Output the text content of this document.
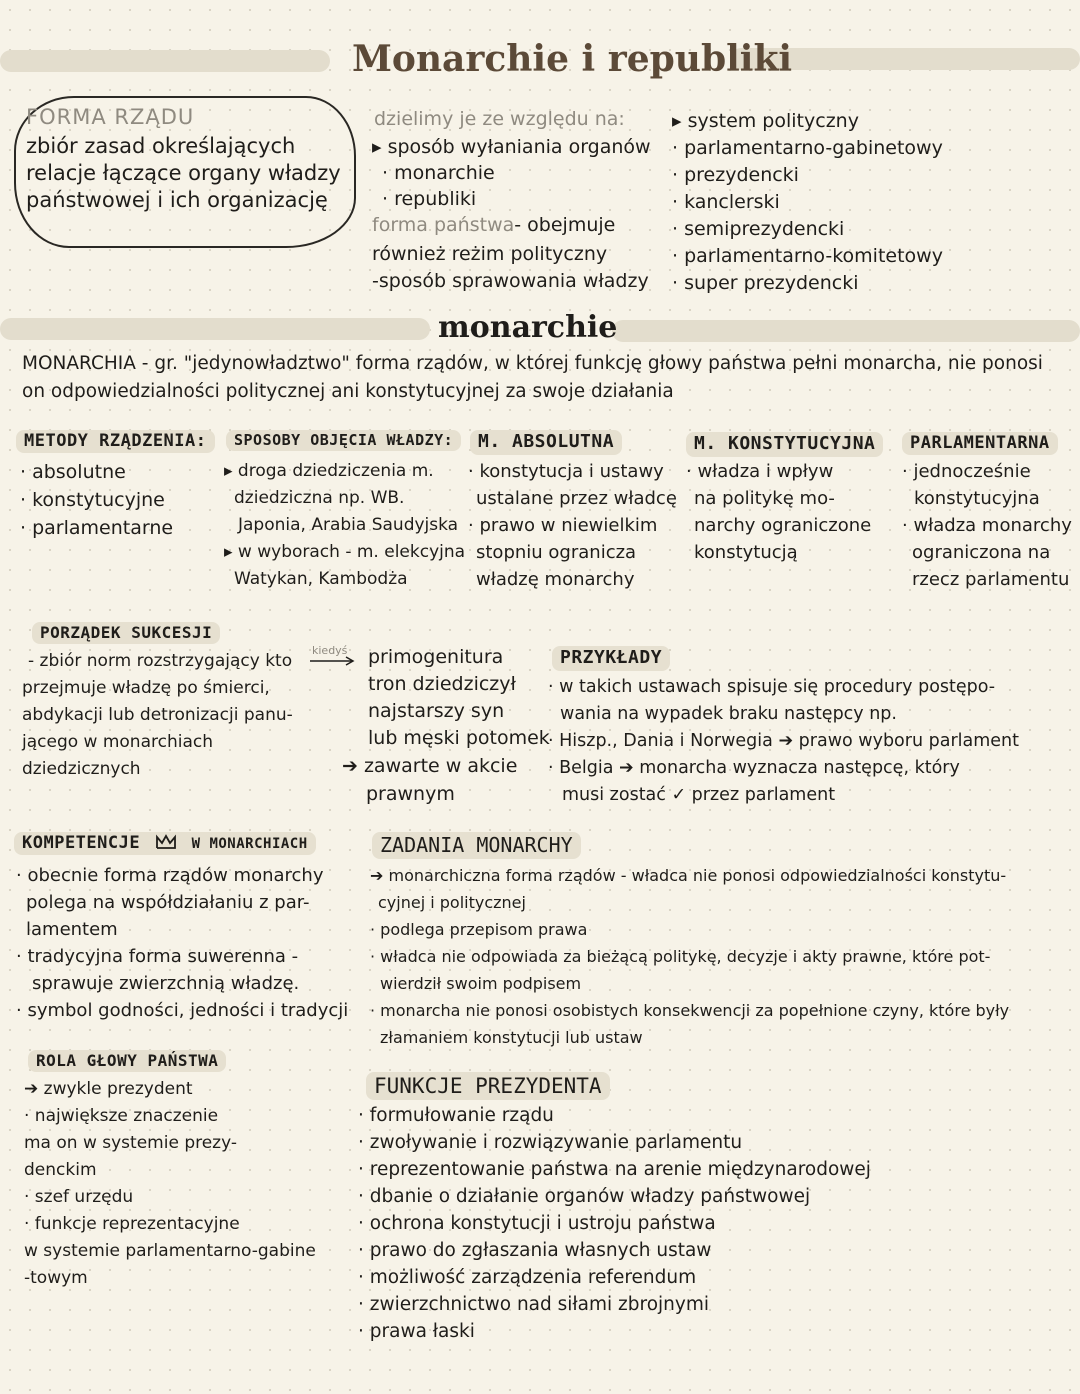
Monarchie i republiki
FORMA RZĄDU
zbiór zasad określających
relacje łączące organy władzy
państwowej i ich organizację
dzielimy je ze względu na:
▸ sposób wyłaniania organów
· monarchie
· republiki
forma państwa- obejmuje
również reżim polityczny
-sposób sprawowania władzy
▸ system polityczny
· parlamentarno-gabinetowy
· prezydencki
· kanclerski
· semiprezydencki
· parlamentarno-komitetowy
· super prezydencki
monarchie
MONARCHIA - gr. "jedynowładztwo" forma rządów, w której funkcję głowy państwa pełni monarcha, nie ponosi
on odpowiedzialności politycznej ani konstytucyjnej za swoje działania
METODY RZĄDZENIA:
· absolutne
· konstytucyjne
· parlamentarne
SPOSOBY OBJĘCIA WŁADZY:
▸ droga dziedziczenia m.
dziedziczna np. WB.
Japonia, Arabia Saudyjska
▸ w wyborach - m. elekcyjna
Watykan, Kambodża
M. ABSOLUTNA
· konstytucja i ustawy
ustalane przez władcę
· prawo w niewielkim
stopniu ogranicza
władzę monarchy
M. KONSTYTUCYJNA
· władza i wpływ
na politykę mo-
narchy ograniczone
konstytucją
PARLAMENTARNA
· jednocześnie
konstytucyjna
· władza monarchy
ograniczona na
rzecz parlamentu
PORZĄDEK SUKCESJI
- zbiór norm rozstrzygający kto
przejmuje władzę po śmierci,
abdykacji lub detronizacji panu-
jącego w monarchiach
dziedzicznych
kiedyś primogenitura
tron dziedziczył
najstarszy syn
lub męski potomek
➔ zawarte w akcie
prawnym
PRZYKŁADY
· w takich ustawach spisuje się procedury postępo-
wania na wypadek braku następcy np.
· Hiszp., Dania i Norwegia ➔ prawo wyboru parlament
· Belgia ➔ monarcha wyznacza następcę, który
musi zostać ✓ przez parlament
KOMPETENCJE	W MONARCHIACH
· obecnie forma rządów monarchy
polega na współdziałaniu z par-
lamentem
· tradycyjna forma suwerenna -
sprawuje zwierzchnią władzę.
· symbol godności, jedności i tradycji
ROLA GŁOWY PAŃSTWA
➔ zwykle prezydent
· największe znaczenie
ma on w systemie prezy-
denckim
· szef urzędu
· funkcje reprezentacyjne
w systemie parlamentarno-gabine
-towym
ZADANIA MONARCHY
➔ monarchiczna forma rządów - władca nie ponosi odpowiedzialności konstytu-
cyjnej i politycznej
· podlega przepisom prawa
· władca nie odpowiada za bieżącą politykę, decyzje i akty prawne, które pot-
wierdził swoim podpisem
· monarcha nie ponosi osobistych konsekwencji za popełnione czyny, które były
złamaniem konstytucji lub ustaw
FUNKCJE PREZYDENTA
· formułowanie rządu
· zwoływanie i rozwiązywanie parlamentu
· reprezentowanie państwa na arenie międzynarodowej
· dbanie o działanie organów władzy państwowej
· ochrona konstytucji i ustroju państwa
· prawo do zgłaszania własnych ustaw
· możliwość zarządzenia referendum
· zwierzchnictwo nad siłami zbrojnymi
· prawa łaski
